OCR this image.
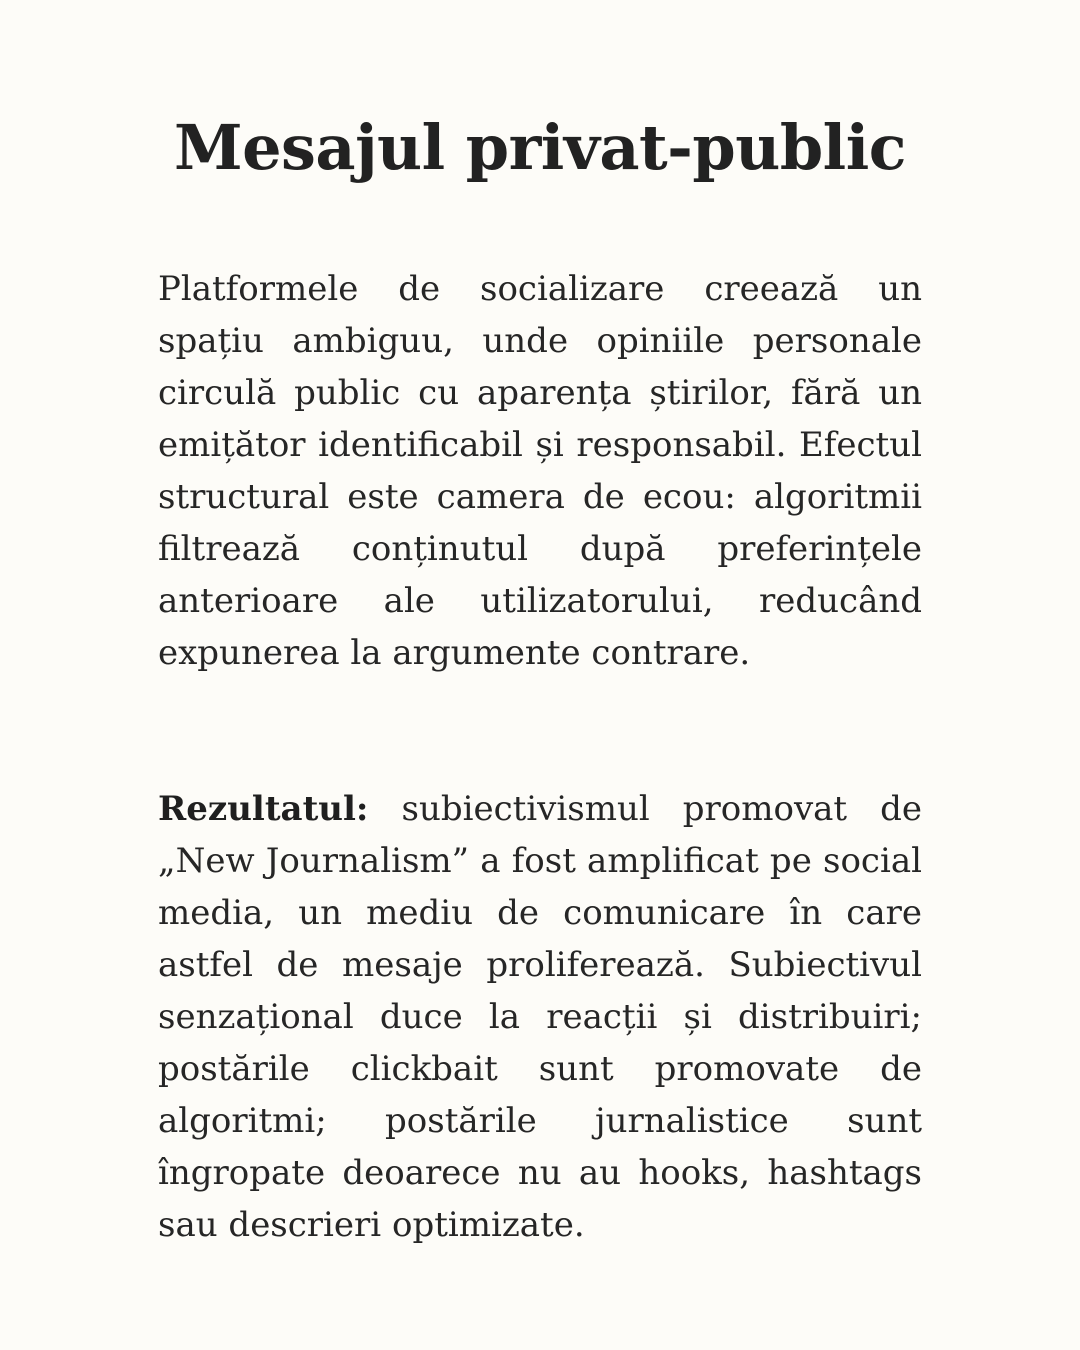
Mesajul privat-public

Platformele de socializare creează un spațiu ambiguu, unde opiniile personale circulă public cu aparența știrilor, fără un emițător identificabil și responsabil. Efectul structural este camera de ecou: algoritmii filtrează conținutul după preferințele anterioare ale utilizatorului, reducând expunerea la argumente contrare.

Rezultatul: subiectivismul promovat de „New Journalism” a fost amplificat pe social media, un mediu de comunicare în care astfel de mesaje proliferează. Subiectivul senzațional duce la reacții și distribuiri; postările clickbait sunt promovate de algoritmi; postările jurnalistice sunt îngropate deoarece nu au hooks, hashtags sau descrieri optimizate.
